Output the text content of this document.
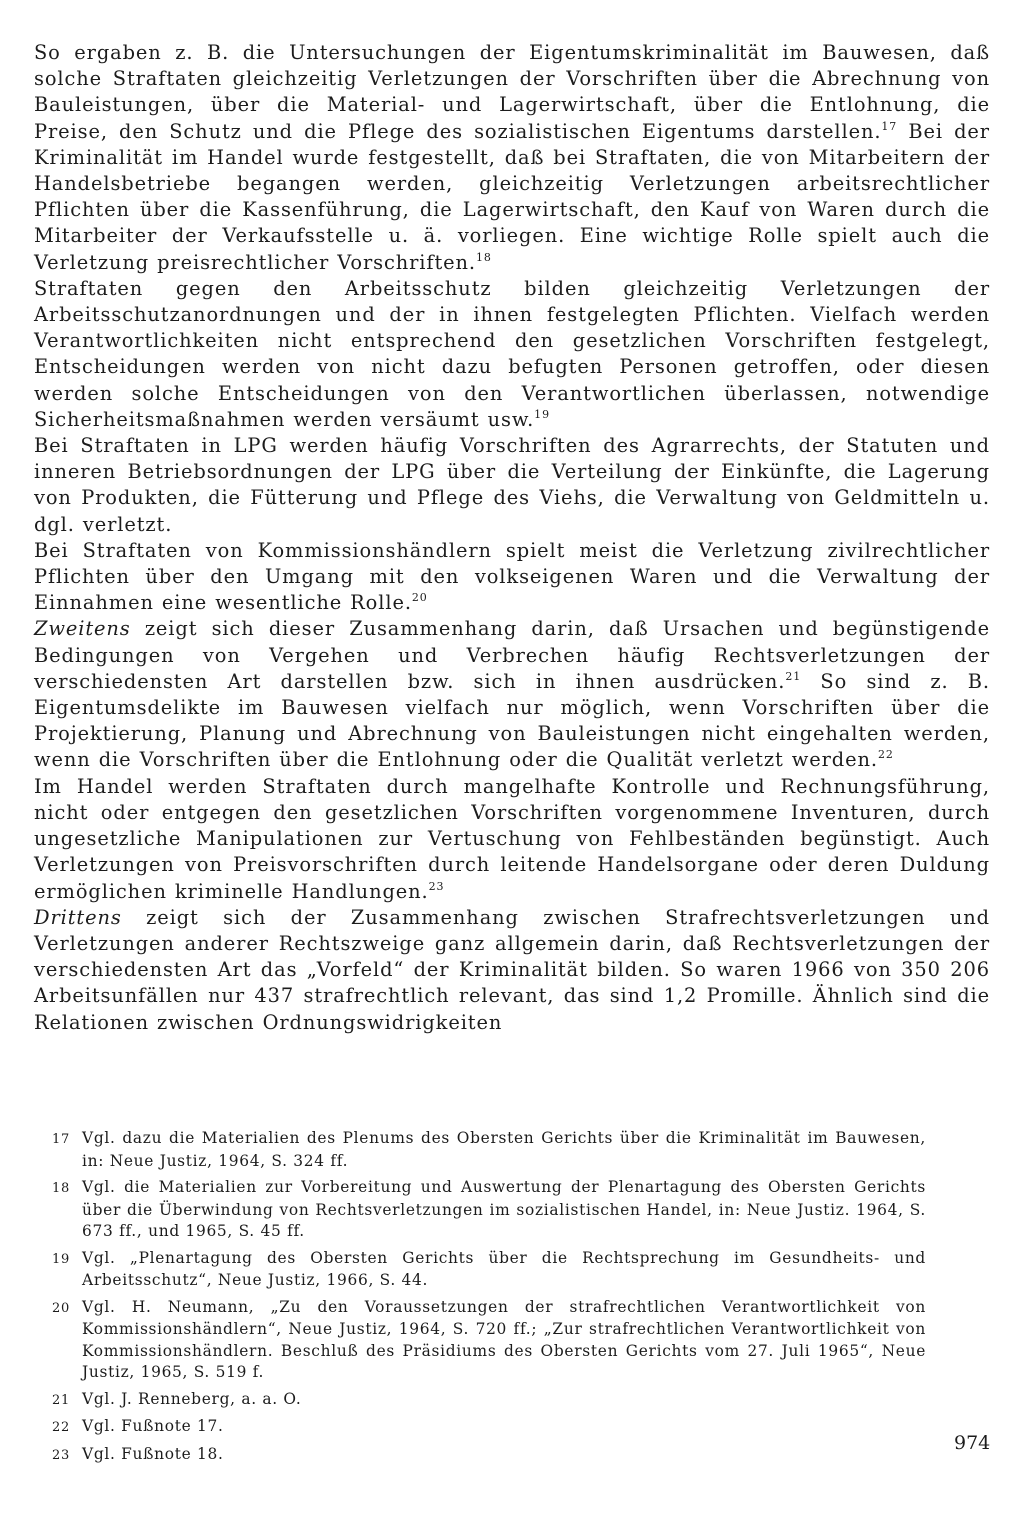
So ergaben z. B. die Untersuchungen der Eigentumskriminalität im Bauwesen, daß solche Straftaten gleichzeitig Verletzungen der Vorschriften über die Abrechnung von Bauleistungen, über die Material- und Lagerwirtschaft, über die Entlohnung, die Preise, den Schutz und die Pflege des sozialistischen Eigentums darstellen.$^{17}$ Bei der Kriminalität im Handel wurde festgestellt, daß bei Straftaten, die von Mitarbeitern der Handelsbetriebe begangen werden, gleichzeitig Verletzungen arbeitsrechtlicher Pflichten über die Kassenführung, die Lagerwirtschaft, den Kauf von Waren durch die Mitarbeiter der Verkaufsstelle u. ä. vorliegen. Eine wichtige Rolle spielt auch die Verletzung preisrechtlicher Vorschriften.$^{18}$

Straftaten gegen den Arbeitsschutz bilden gleichzeitig Verletzungen der Arbeitsschutzanordnungen und der in ihnen festgelegten Pflichten. Vielfach werden Verantwortlichkeiten nicht entsprechend den gesetzlichen Vorschriften festgelegt, Entscheidungen werden von nicht dazu befugten Personen getroffen, oder diesen werden solche Entscheidungen von den Verantwortlichen überlassen, notwendige Sicherheitsmaßnahmen werden versäumt usw.$^{19}$

Bei Straftaten in LPG werden häufig Vorschriften des Agrarrechts, der Statuten und inneren Betriebsordnungen der LPG über die Verteilung der Einkünfte, die Lagerung von Produkten, die Fütterung und Pflege des Viehs, die Verwaltung von Geldmitteln u. dgl. verletzt.

Bei Straftaten von Kommissionshändlern spielt meist die Verletzung zivilrechtlicher Pflichten über den Umgang mit den volkseigenen Waren und die Verwaltung der Einnahmen eine wesentliche Rolle.$^{20}$

Zweitens zeigt sich dieser Zusammenhang darin, daß Ursachen und begünstigende Bedingungen von Vergehen und Verbrechen häufig Rechtsverletzungen der verschiedensten Art darstellen bzw. sich in ihnen ausdrücken.$^{21}$ So sind z. B. Eigentumsdelikte im Bauwesen vielfach nur möglich, wenn Vorschriften über die Projektierung, Planung und Abrechnung von Bauleistungen nicht eingehalten werden, wenn die Vorschriften über die Entlohnung oder die Qualität verletzt werden.$^{22}$

Im Handel werden Straftaten durch mangelhafte Kontrolle und Rechnungsführung, nicht oder entgegen den gesetzlichen Vorschriften vorgenommene Inventuren, durch ungesetzliche Manipulationen zur Vertuschung von Fehlbeständen begünstigt. Auch Verletzungen von Preisvorschriften durch leitende Handelsorgane oder deren Duldung ermöglichen kriminelle Handlungen.$^{23}$

Drittens zeigt sich der Zusammenhang zwischen Strafrechtsverletzungen und Verletzungen anderer Rechtszweige ganz allgemein darin, daß Rechtsverletzungen der verschiedensten Art das „Vorfeld“ der Kriminalität bilden. So waren 1966 von 350 206 Arbeitsunfällen nur 437 strafrechtlich relevant, das sind 1,2 Promille. Ähnlich sind die Relationen zwischen Ordnungswidrigkeiten

17 Vgl. dazu die Materialien des Plenums des Obersten Gerichts über die Kriminalität im Bauwesen, in: Neue Justiz, 1964, S. 324 ff.
18 Vgl. die Materialien zur Vorbereitung und Auswertung der Plenartagung des Obersten Gerichts über die Überwindung von Rechtsverletzungen im sozialistischen Handel, in: Neue Justiz. 1964, S. 673 ff., und 1965, S. 45 ff.
19 Vgl. „Plenartagung des Obersten Gerichts über die Rechtsprechung im Gesundheits- und Arbeitsschutz“, Neue Justiz, 1966, S. 44.
20 Vgl. H. Neumann, „Zu den Voraussetzungen der strafrechtlichen Verantwortlichkeit von Kommissionshändlern“, Neue Justiz, 1964, S. 720 ff.; „Zur strafrechtlichen Verantwortlichkeit von Kommissionshändlern. Beschluß des Präsidiums des Obersten Gerichts vom 27. Juli 1965“, Neue Justiz, 1965, S. 519 f.
21 Vgl. J. Renneberg, a. a. O.
22 Vgl. Fußnote 17.
23 Vgl. Fußnote 18.	974
